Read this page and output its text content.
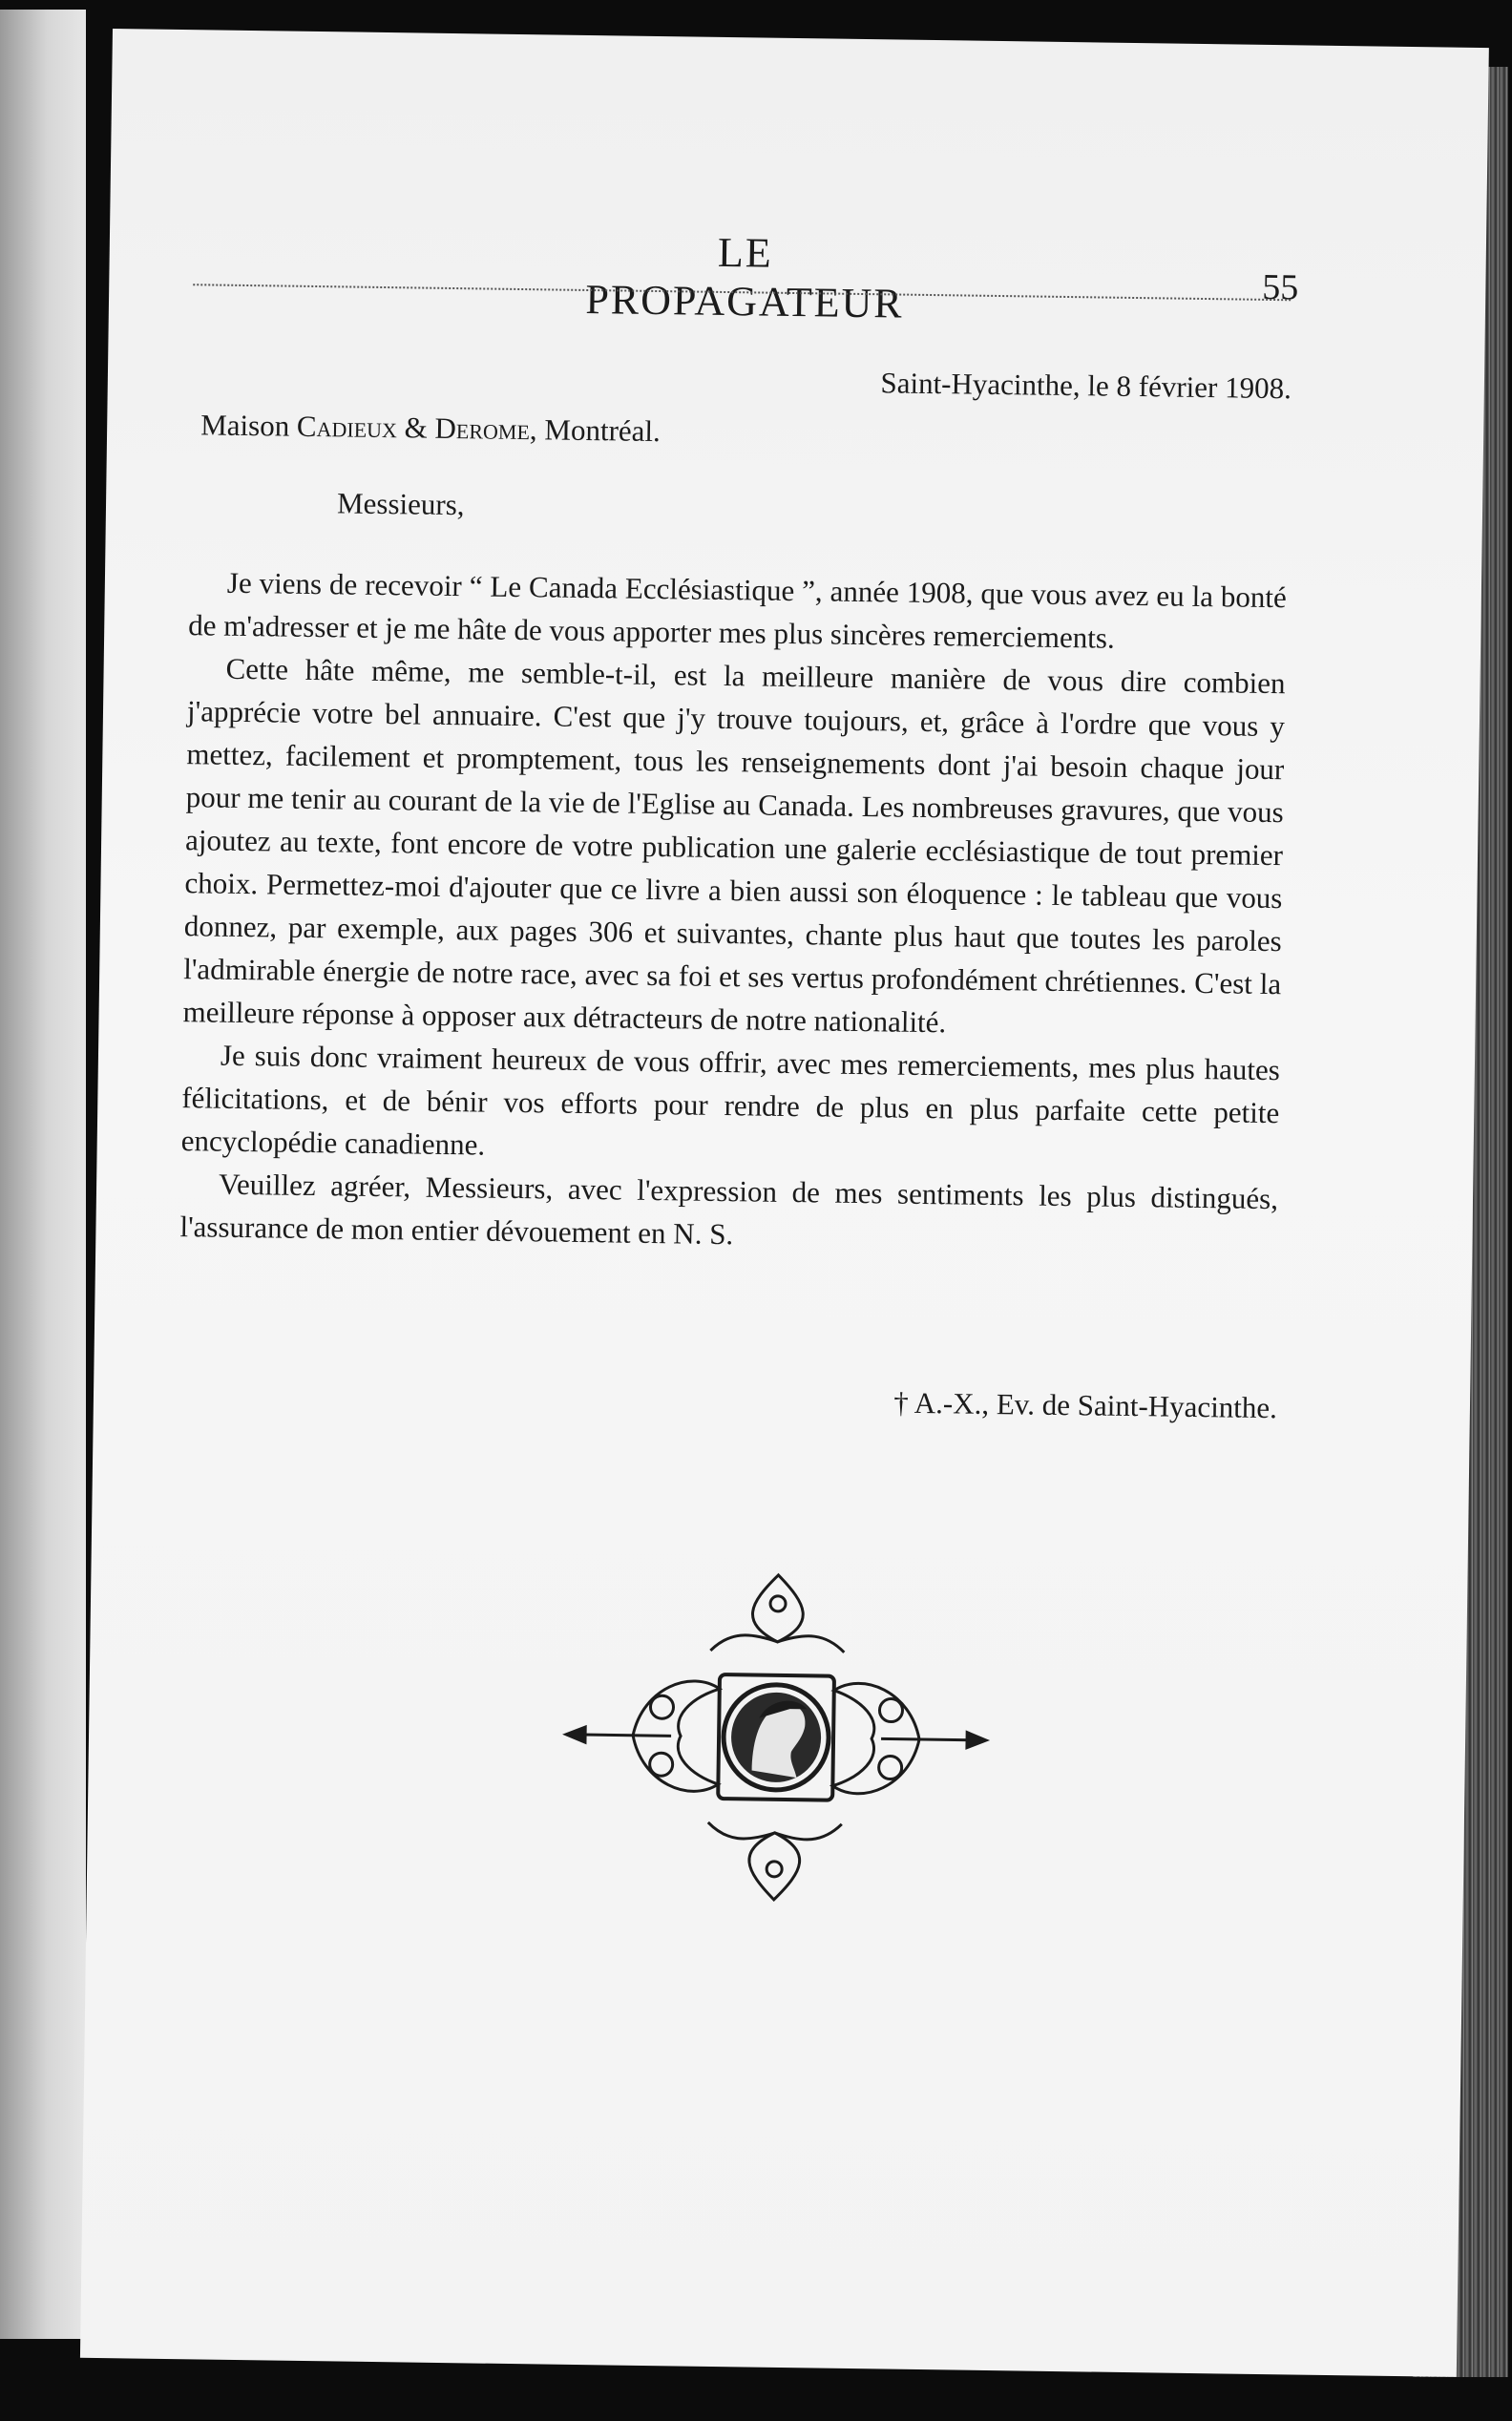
LE PROPAGATEUR	55

Saint-Hyacinthe, le 8 février 1908.

Maison Cadieux & Derome, Montréal.

Messieurs,

Je viens de recevoir “ Le Canada Ecclésiastique ”, année 1908, que vous avez eu la bonté de m'adresser et je me hâte de vous apporter mes plus sincères remerciements.

Cette hâte même, me semble-t-il, est la meilleure manière de vous dire combien j'apprécie votre bel annuaire. C'est que j'y trouve toujours, et, grâce à l'ordre que vous y mettez, facilement et promptement, tous les renseignements dont j'ai besoin chaque jour pour me tenir au courant de la vie de l'Eglise au Canada. Les nombreuses gravures, que vous ajoutez au texte, font encore de votre publication une galerie ecclésiastique de tout premier choix. Permettez-moi d'ajouter que ce livre a bien aussi son éloquence : le tableau que vous donnez, par exemple, aux pages 306 et suivantes, chante plus haut que toutes les paroles l'admirable énergie de notre race, avec sa foi et ses vertus profondément chrétiennes. C'est la meilleure réponse à opposer aux détracteurs de notre nationalité.

Je suis donc vraiment heureux de vous offrir, avec mes remerciements, mes plus hautes félicitations, et de bénir vos efforts pour rendre de plus en plus parfaite cette petite encyclopédie canadienne.

Veuillez agréer, Messieurs, avec l'expression de mes sentiments les plus distingués, l'assurance de mon entier dévouement en N. S.

† A.-X., Ev. de Saint-Hyacinthe.
